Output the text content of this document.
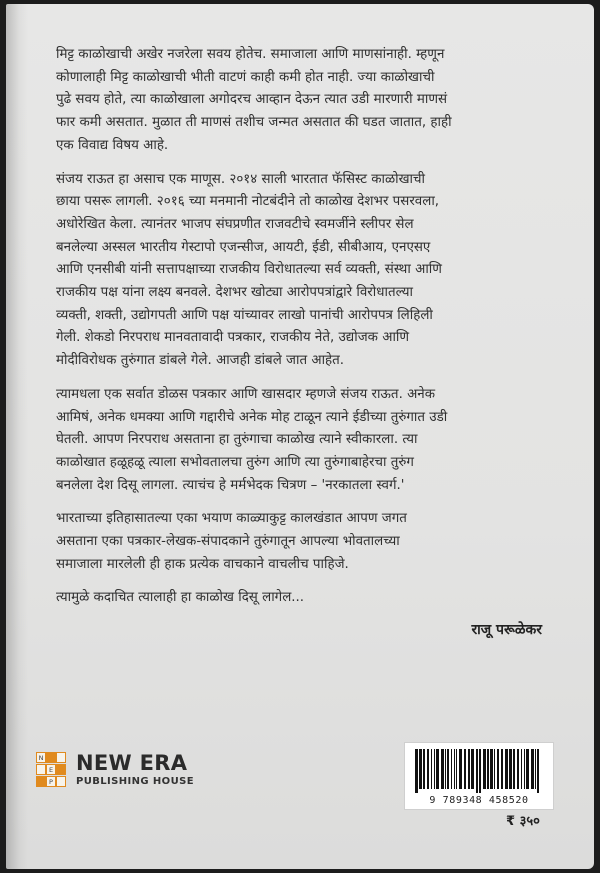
मिट्ट काळोखाची अखेर नजरेला सवय होतेच. समाजाला आणि माणसांनाही. म्हणून
कोणालाही मिट्ट काळोखाची भीती वाटणं काही कमी होत नाही. ज्या काळोखाची
पुढे सवय होते, त्या काळोखाला अगोदरच आव्हान देऊन त्यात उडी मारणारी माणसं
फार कमी असतात. मुळात ती माणसं तशीच जन्मत असतात की घडत जातात, हाही
एक विवाद्य विषय आहे.

संजय राऊत हा असाच एक माणूस. २०१४ साली भारतात फॅसिस्ट काळोखाची
छाया पसरू लागली. २०१६ च्या मनमानी नोटबंदीने तो काळोख देशभर पसरवला,
अधोरेखित केला. त्यानंतर भाजप संघप्रणीत राजवटीचे स्वमर्जीने स्लीपर सेल
बनलेल्या अस्सल भारतीय गेस्टापो एजन्सीज, आयटी, ईडी, सीबीआय, एनएसए
आणि एनसीबी यांनी सत्तापक्षाच्या राजकीय विरोधातल्या सर्व व्यक्ती, संस्था आणि
राजकीय पक्ष यांना लक्ष्य बनवले. देशभर खोट्या आरोपपत्रांद्वारे विरोधातल्या
व्यक्ती, शक्ती, उद्योगपती आणि पक्ष यांच्यावर लाखो पानांची आरोपपत्र लिहिली
गेली. शेकडो निरपराध मानवतावादी पत्रकार, राजकीय नेते, उद्योजक आणि
मोदीविरोधक तुरुंगात डांबले गेले. आजही डांबले जात आहेत.

त्यामधला एक सर्वात डोळस पत्रकार आणि खासदार म्हणजे संजय राऊत. अनेक
आमिषं, अनेक धमक्या आणि गद्दारीचे अनेक मोह टाळून त्याने ईडीच्या तुरुंगात उडी
घेतली. आपण निरपराध असताना हा तुरुंगाचा काळोख त्याने स्वीकारला. त्या
काळोखात हळूहळू त्याला सभोवतालचा तुरुंग आणि त्या तुरुंगाबाहेरचा तुरुंग
बनलेला देश दिसू लागला. त्याचंच हे मर्मभेदक चित्रण – 'नरकातला स्वर्ग.'

भारताच्या इतिहासातल्या एका भयाण काळ्याकुट्ट कालखंडात आपण जगत
असताना एका पत्रकार-लेखक-संपादकाने तुरुंगातून आपल्या भोवतालच्या
समाजाला मारलेली ही हाक प्रत्येक वाचकाने वाचलीच पाहिजे.

त्यामुळे कदाचित त्यालाही हा काळोख दिसू लागेल...

राजू परूळेकर
N
E
P
NEW ERA
PUBLISHING HOUSE
9 789348 458520
₹ ३५०
